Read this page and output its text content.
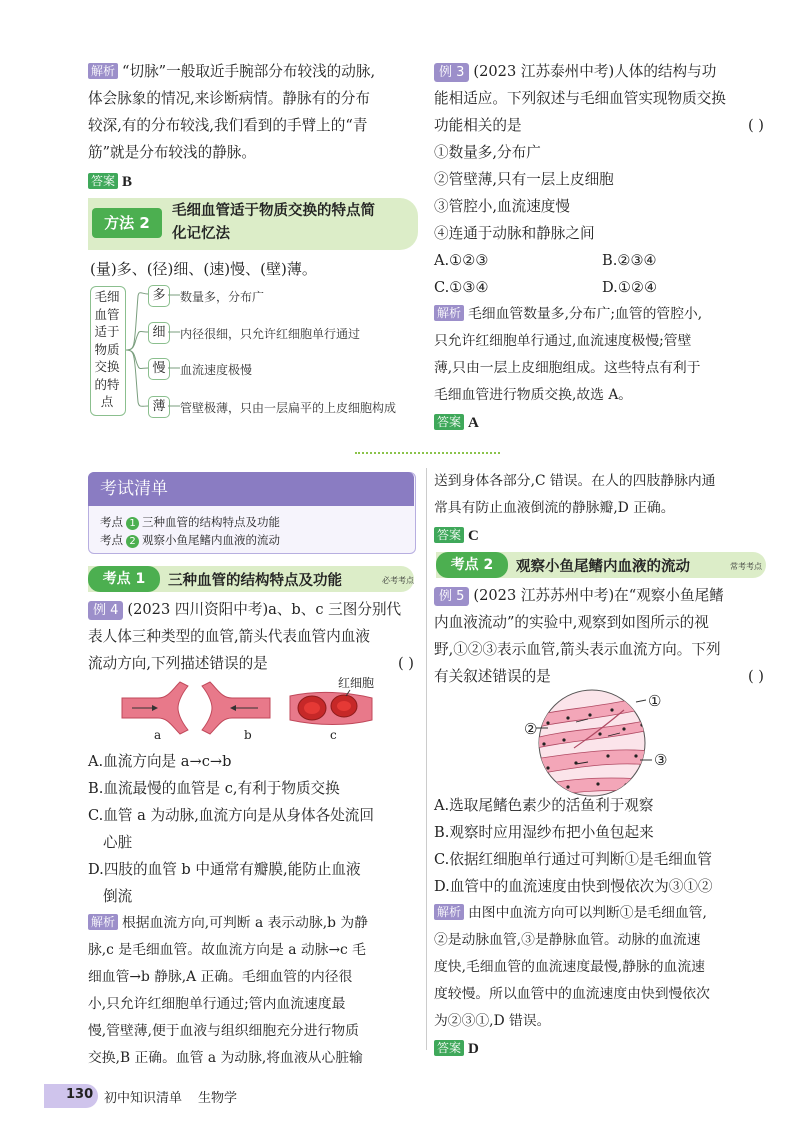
解析 “切脉”一般取近手腕部分布较浅的动脉,
体会脉象的情况,来诊断病情。静脉有的分布
较深,有的分布较浅,我们看到的手臂上的“青
筋”就是分布较浅的静脉。
答案 B
方法 2
毛细血管适于物质交换的特点简
化记忆法
(量)多、(径)细、(速)慢、(壁)薄。
毛细
血管
适于
物质
交换
的特
点
多	数量多，分布广
细	内径很细，只允许红细胞单行通过
慢	血流速度极慢
薄	管壁极薄，只由一层扁平的上皮细胞构成
例 3 (2023 江苏泰州中考)人体的结构与功
能相适应。下列叙述与毛细血管实现物质交换
功能相关的是	( )
①数量多,分布广
②管壁薄,只有一层上皮细胞
③管腔小,血流速度慢
④连通于动脉和静脉之间
A.①②③	B.②③④
C.①③④	D.①②④
解析 毛细血管数量多,分布广;血管的管腔小,
只允许红细胞单行通过,血流速度极慢;管壁
薄,只由一层上皮细胞组成。这些特点有利于
毛细血管进行物质交换,故选 A。
答案 A
考试清单
考点 1 三种血管的结构特点及功能
考点 2 观察小鱼尾鳍内血液的流动
考点 1	三种血管的结构特点及功能	必考考点
例 4 (2023 四川资阳中考)a、b、c 三图分别代
表人体三种类型的血管,箭头代表血管内血液
流动方向,下列描述错误的是	( )
红细胞
a	b	c
A.血流方向是 a→c→b
B.血流最慢的血管是 c,有利于物质交换
C.血管 a 为动脉,血流方向是从身体各处流回
心脏
D.四肢的血管 b 中通常有瓣膜,能防止血液
倒流
解析 根据血流方向,可判断 a 表示动脉,b 为静
脉,c 是毛细血管。故血流方向是 a 动脉→c 毛
细血管→b 静脉,A 正确。毛细血管的内径很
小,只允许红细胞单行通过;管内血流速度最
慢,管壁薄,便于血液与组织细胞充分进行物质
交换,B 正确。血管 a 为动脉,将血液从心脏输
送到身体各部分,C 错误。在人的四肢静脉内通
常具有防止血液倒流的静脉瓣,D 正确。
答案 C
考点 2	观察小鱼尾鳍内血液的流动	常考考点
例 5 (2023 江苏苏州中考)在“观察小鱼尾鳍
内血液流动”的实验中,观察到如图所示的视
野,①②③表示血管,箭头表示血流方向。下列
有关叙述错误的是	( )
①
②
③
A.选取尾鳍色素少的活鱼利于观察
B.观察时应用湿纱布把小鱼包起来
C.依据红细胞单行通过可判断①是毛细血管
D.血管中的血流速度由快到慢依次为③①②
解析 由图中血流方向可以判断①是毛细血管,
②是动脉血管,③是静脉血管。动脉的血流速
度快,毛细血管的血流速度最慢,静脉的血流速
度较慢。所以血管中的血流速度由快到慢依次
为②③①,D 错误。
答案 D
130 初中知识清单 生物学
